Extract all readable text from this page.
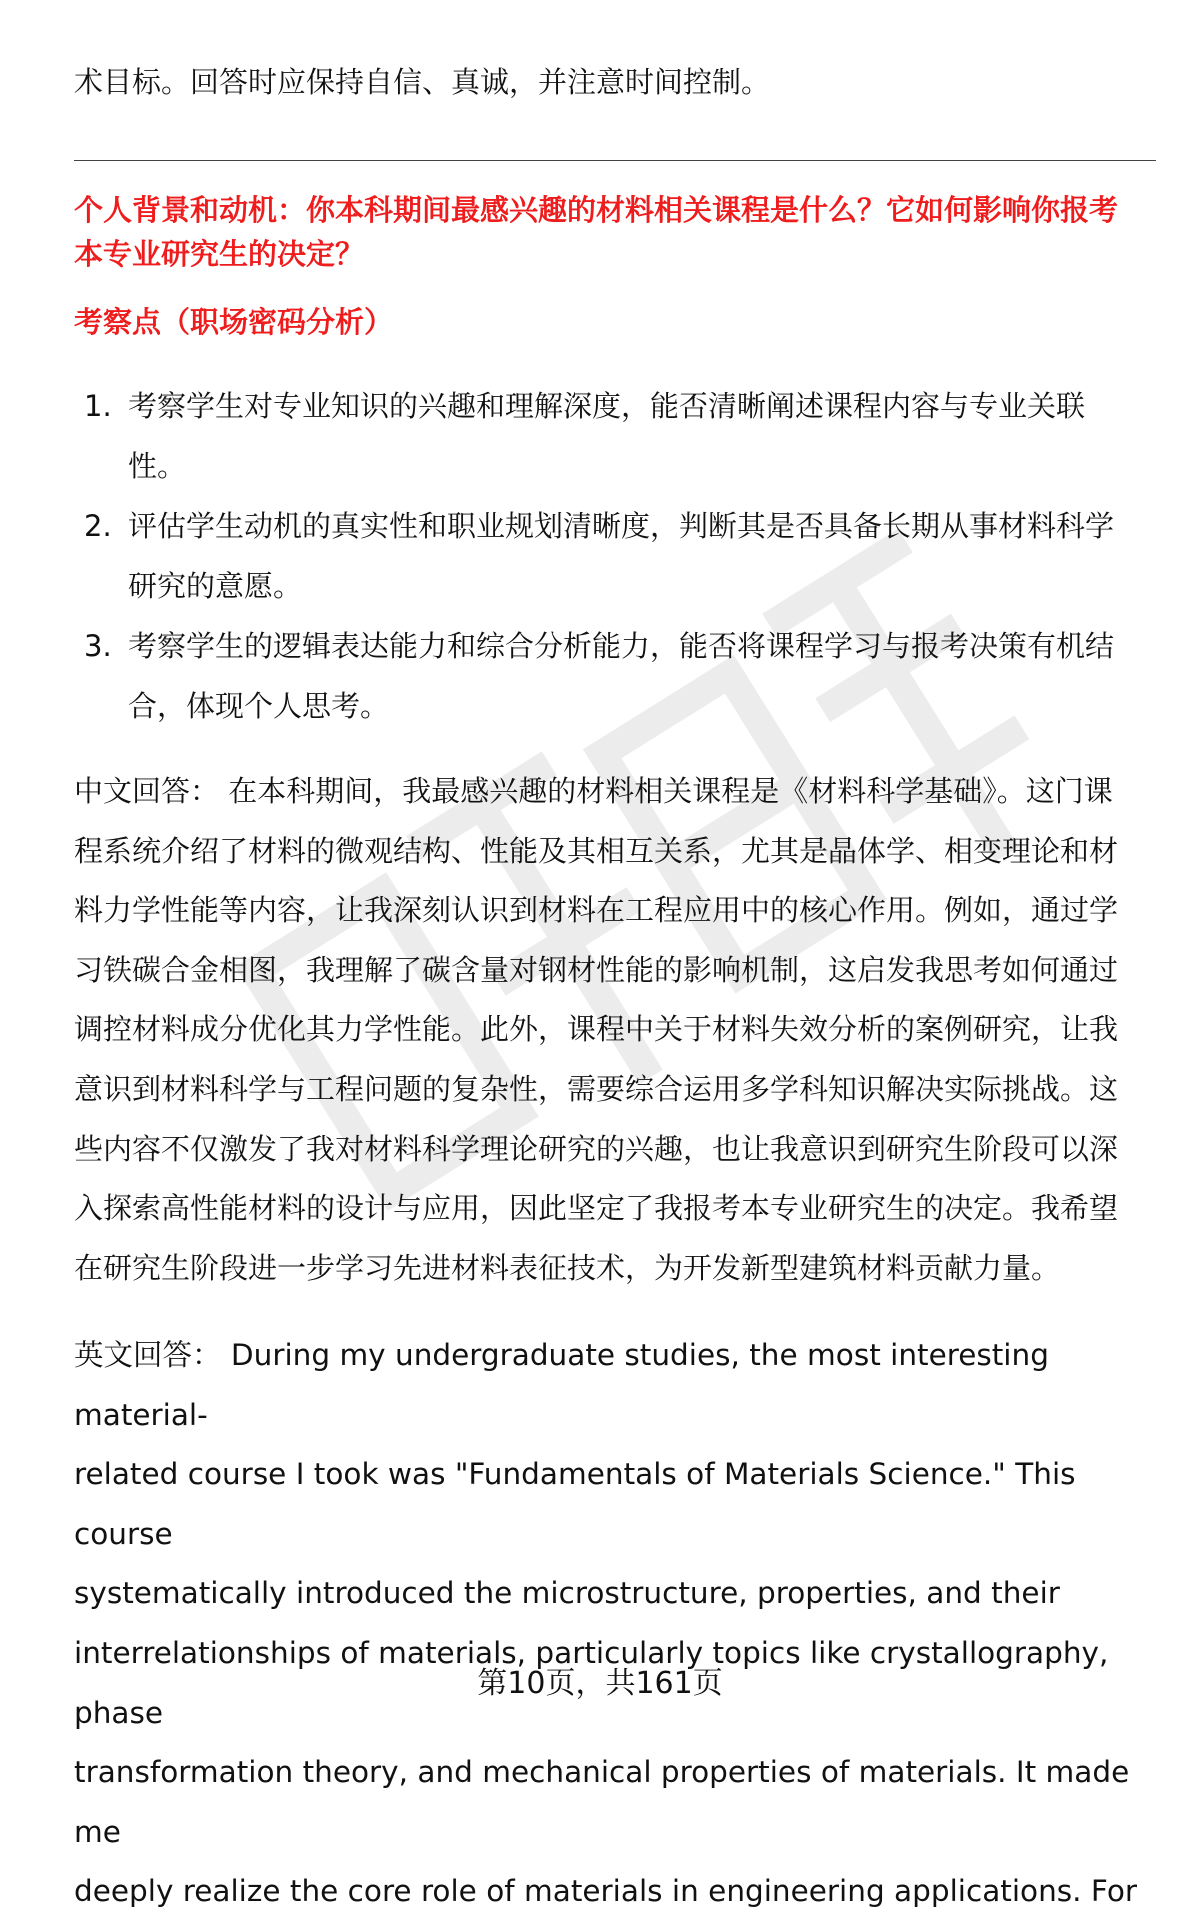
术目标。回答时应保持自信、真诚，并注意时间控制。

个人背景和动机：你本科期间最感兴趣的材料相关课程是什么？它如何影响你报考
本专业研究生的决定？
考察点（职场密码分析）
1. 考察学生对专业知识的兴趣和理解深度，能否清晰阐述课程内容与专业关联
性。
2. 评估学生动机的真实性和职业规划清晰度，判断其是否具备长期从事材料科学
研究的意愿。
3. 考察学生的逻辑表达能力和综合分析能力，能否将课程学习与报考决策有机结
合，体现个人思考。

中文回答： 在本科期间，我最感兴趣的材料相关课程是《材料科学基础》。这门课
程系统介绍了材料的微观结构、性能及其相互关系，尤其是晶体学、相变理论和材
料力学性能等内容，让我深刻认识到材料在工程应用中的核心作用。例如，通过学
习铁碳合金相图，我理解了碳含量对钢材性能的影响机制，这启发我思考如何通过
调控材料成分优化其力学性能。此外，课程中关于材料失效分析的案例研究，让我
意识到材料科学与工程问题的复杂性，需要综合运用多学科知识解决实际挑战。这
些内容不仅激发了我对材料科学理论研究的兴趣，也让我意识到研究生阶段可以深
入探索高性能材料的设计与应用，因此坚定了我报考本专业研究生的决定。我希望
在研究生阶段进一步学习先进材料表征技术，为开发新型建筑材料贡献力量。

英文回答： During my undergraduate studies, the most interesting material-
related course I took was "Fundamentals of Materials Science." This course
systematically introduced the microstructure, properties, and their
interrelationships of materials, particularly topics like crystallography, phase
transformation theory, and mechanical properties of materials. It made me
deeply realize the core role of materials in engineering applications. For

第10页，共161页
